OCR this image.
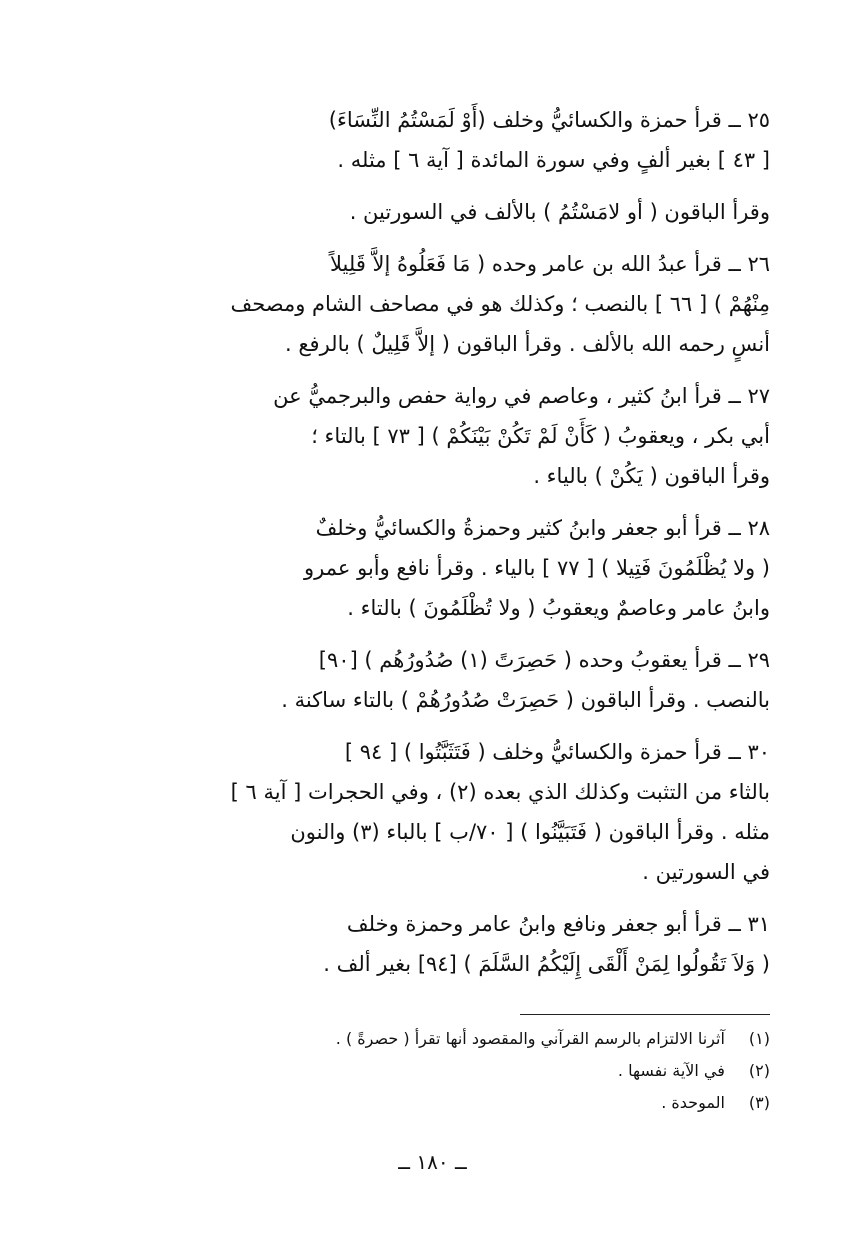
٢٥ ــ قرأ حمزة والكسائيُّ وخلف (أَوْ لَمَسْتُمُ النِّسَاءَ)

[ ٤٣ ] بغير ألفٍ وفي سورة المائدة [ آية ٦ ] مثله .

وقرأ الباقون ( أو لامَسْتُمُ ) بالألف في السورتين .

٢٦ ــ قرأ عبدُ الله بن عامر وحده ( مَا فَعَلُوهُ إلاَّ قَلِيلاً

مِنْهُمْ ) [ ٦٦ ] بالنصب ؛ وكذلك هو في مصاحف الشام ومصحف

أنسٍ رحمه الله بالألف . وقرأ الباقون ( إلاَّ قَلِيلٌ ) بالرفع .

٢٧ ــ قرأ ابنُ كثير ، وعاصم في رواية حفص والبرجميُّ عن

أبي بكر ، ويعقوبُ ( كَأَنْ لَمْ تَكُنْ بَيْنَكُمْ ) [ ٧٣ ] بالتاء ؛

وقرأ الباقون ( يَكُنْ ) بالياء .

٢٨ ــ قرأ أبو جعفر وابنُ كثير وحمزةُ والكسائيُّ وخلفٌ

( ولا يُظْلَمُونَ فَتِيلا ) [ ٧٧ ] بالياء . وقرأ نافع وأبو عمرو

وابنُ عامر وعاصمٌ ويعقوبُ ( ولا تُظْلَمُونَ ) بالتاء .

٢٩ ــ قرأ يعقوبُ وحده ( حَصِرَتً (١) صُدُورُهُم ) [٩٠]

بالنصب . وقرأ الباقون ( حَصِرَتْ صُدُورُهُمْ ) بالتاء ساكنة .

٣٠ ــ قرأ حمزة والكسائيُّ وخلف ( فَتَثَبَّتُوا ) [ ٩٤ ]

بالثاء من التثبت وكذلك الذي بعده (٢) ، وفي الحجرات [ آية ٦ ]

مثله . وقرأ الباقون ( فَتَبَيَّنُوا ) [ ٧٠/ب ] بالباء (٣) والنون

في السورتين .

٣١ ــ قرأ أبو جعفر ونافع وابنُ عامر وحمزة وخلف

( وَلاَ تَقُولُوا لِمَنْ أَلْقَى إِلَيْكُمُ السَّلَمَ ) [٩٤] بغير ألف .

(١) آثرنا الالتزام بالرسم القرآني والمقصود أنها تقرأ ( حصرةً ) .
(٢) في الآية نفسها .
(٣) الموحدة .
ــ ١٨٠ ــ
